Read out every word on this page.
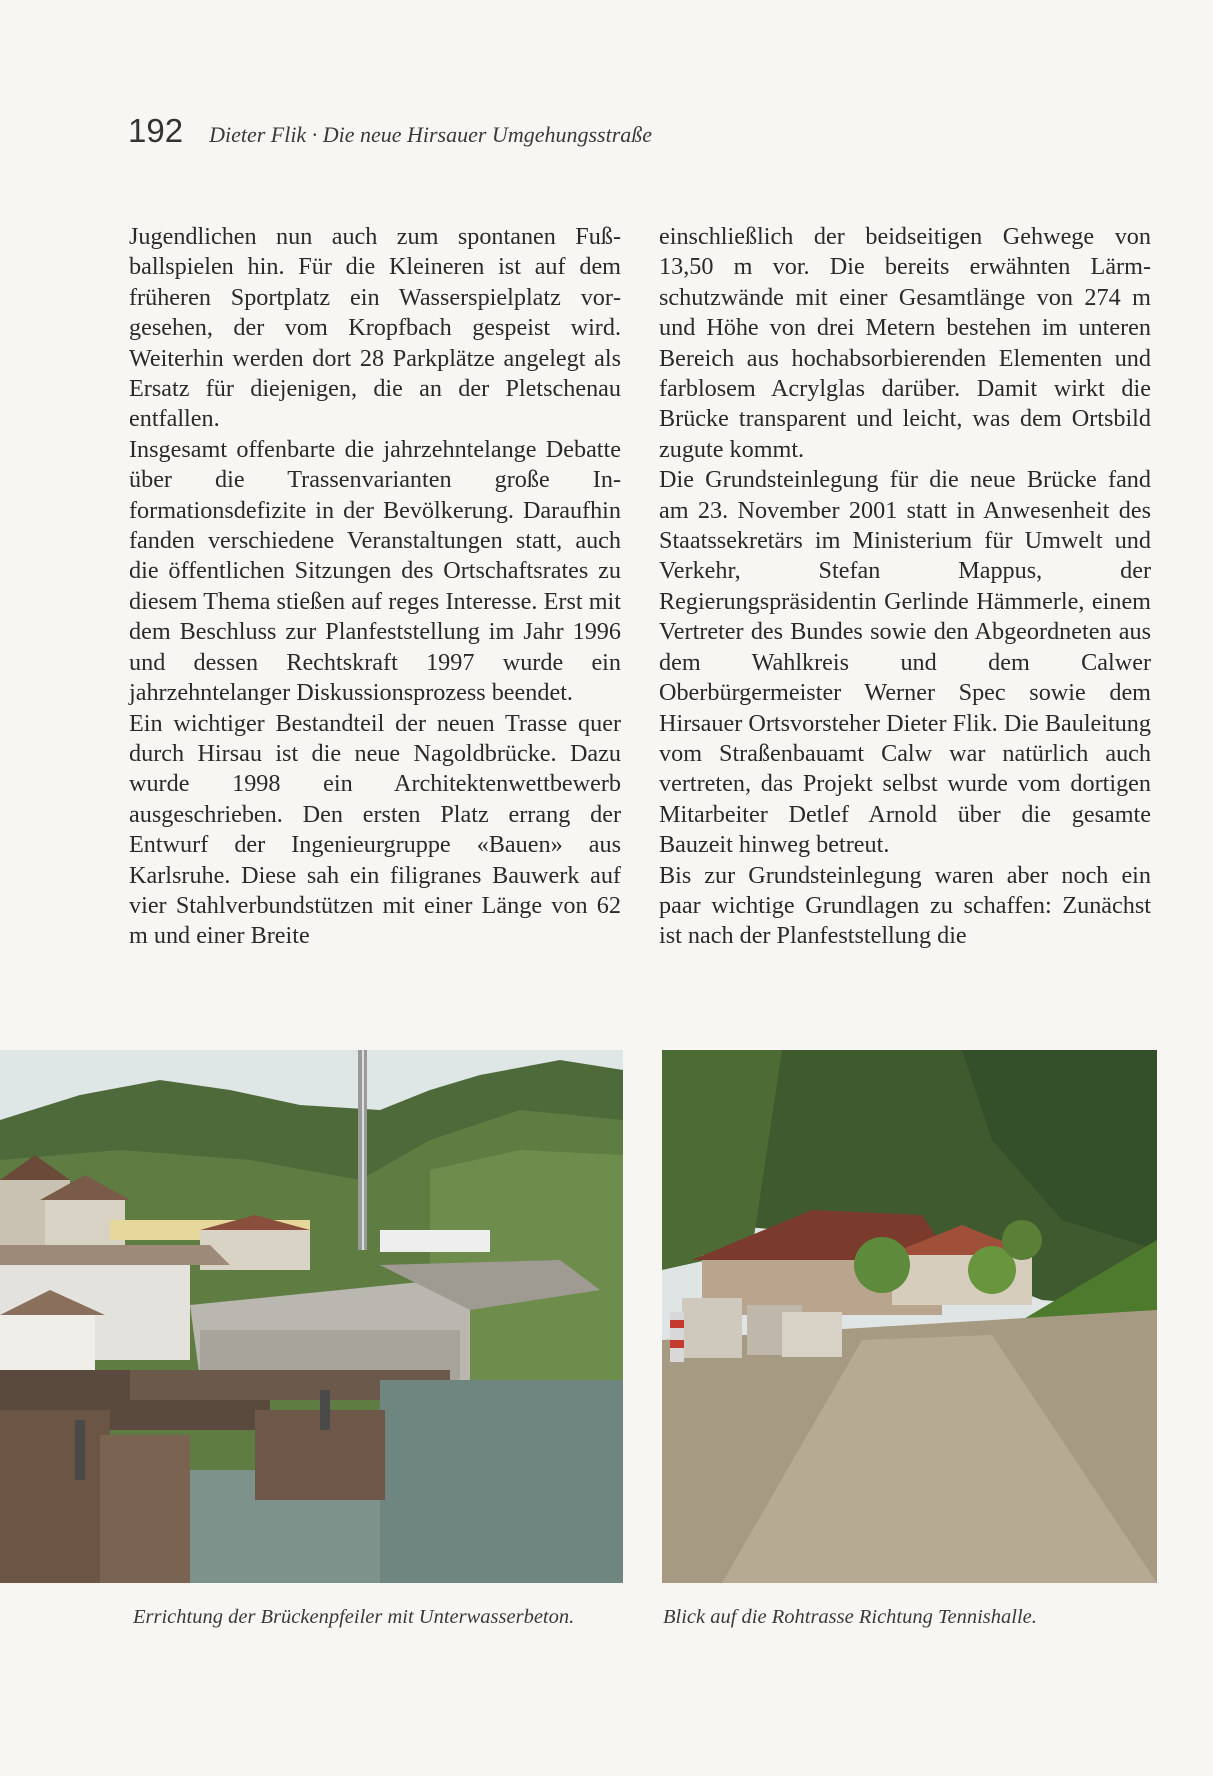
192 Dieter Flik · Die neue Hirsauer Umgehungsstraße

Jugendlichen nun auch zum spontanen Fußballspielen hin. Für die Kleineren ist auf dem früheren Sportplatz ein Wasserspielplatz vorgesehen, der vom Kropfbach gespeist wird. Weiterhin werden dort 28 Parkplätze angelegt als Ersatz für diejenigen, die an der Pletschenau entfallen.

Insgesamt offenbarte die jahrzehntelange Debatte über die Trassenvarianten große Informationsdefizite in der Bevölkerung. Daraufhin fanden verschiedene Veranstaltungen statt, auch die öffentlichen Sitzungen des Ortschaftsrates zu diesem Thema stießen auf reges Interesse. Erst mit dem Beschluss zur Planfeststellung im Jahr 1996 und dessen Rechtskraft 1997 wurde ein jahrzehntelanger Diskussionsprozess beendet.

Ein wichtiger Bestandteil der neuen Trasse quer durch Hirsau ist die neue Nagoldbrücke. Dazu wurde 1998 ein Architektenwettbewerb ausgeschrieben. Den ersten Platz errang der Entwurf der Ingenieurgruppe «Bauen» aus Karlsruhe. Diese sah ein filigranes Bauwerk auf vier Stahlverbundstützen mit einer Länge von 62 m und einer Breite

einschließlich der beidseitigen Gehwege von 13,50 m vor. Die bereits erwähnten Lärmschutzwände mit einer Gesamtlänge von 274 m und Höhe von drei Metern bestehen im unteren Bereich aus hochabsorbierenden Elementen und farblosem Acrylglas darüber. Damit wirkt die Brücke transparent und leicht, was dem Ortsbild zugute kommt.

Die Grundsteinlegung für die neue Brücke fand am 23. November 2001 statt in Anwesenheit des Staatssekretärs im Ministerium für Umwelt und Verkehr, Stefan Mappus, der Regierungspräsidentin Gerlinde Hämmerle, einem Vertreter des Bundes sowie den Abgeordneten aus dem Wahlkreis und dem Calwer Oberbürgermeister Werner Spec sowie dem Hirsauer Ortsvorsteher Dieter Flik. Die Bauleitung vom Straßenbauamt Calw war natürlich auch vertreten, das Projekt selbst wurde vom dortigen Mitarbeiter Detlef Arnold über die gesamte Bauzeit hinweg betreut.

Bis zur Grundsteinlegung waren aber noch ein paar wichtige Grundlagen zu schaffen: Zunächst ist nach der Planfeststellung die

Errichtung der Brückenpfeiler mit Unterwasserbeton.	Blick auf die Rohtrasse Richtung Tennishalle.
